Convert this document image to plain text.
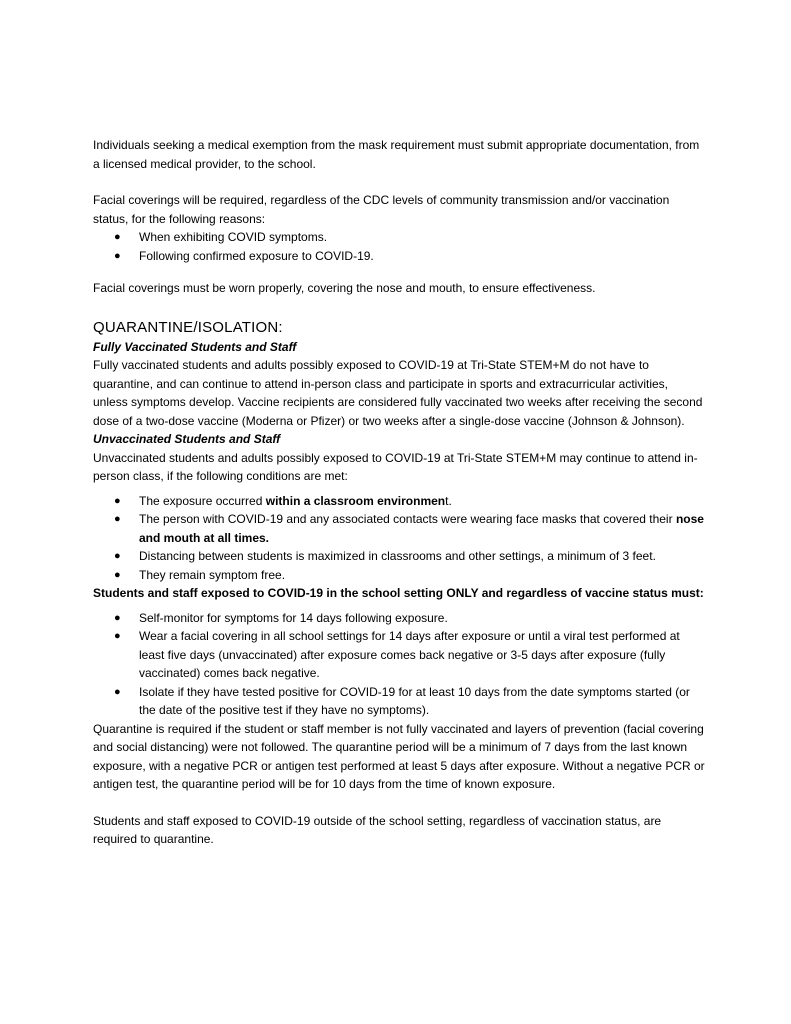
Individuals seeking a medical exemption from the mask requirement must submit appropriate documentation, from a licensed medical provider, to the school.

Facial coverings will be required, regardless of the CDC levels of community transmission and/or vaccination status, for the following reasons:

● When exhibiting COVID symptoms.
● Following confirmed exposure to COVID-19.

Facial coverings must be worn properly, covering the nose and mouth, to ensure effectiveness.

QUARANTINE/ISOLATION:

Fully Vaccinated Students and Staff

Fully vaccinated students and adults possibly exposed to COVID-19 at Tri-State STEM+M do not have to quarantine, and can continue to attend in-person class and participate in sports and extracurricular activities, unless symptoms develop. Vaccine recipients are considered fully vaccinated two weeks after receiving the second dose of a two-dose vaccine (Moderna or Pfizer) or two weeks after a single-dose vaccine (Johnson & Johnson).

Unvaccinated Students and Staff

Unvaccinated students and adults possibly exposed to COVID-19 at Tri-State STEM+M may continue to attend in-person class, if the following conditions are met:

● The exposure occurred within a classroom environment.
● The person with COVID-19 and any associated contacts were wearing face masks that covered their nose and mouth at all times.
● Distancing between students is maximized in classrooms and other settings, a minimum of 3 feet.
● They remain symptom free.

Students and staff exposed to COVID-19 in the school setting ONLY and regardless of vaccine status must:

● Self-monitor for symptoms for 14 days following exposure.
● Wear a facial covering in all school settings for 14 days after exposure or until a viral test performed at least five days (unvaccinated) after exposure comes back negative or 3-5 days after exposure (fully vaccinated) comes back negative.
● Isolate if they have tested positive for COVID-19 for at least 10 days from the date symptoms started (or the date of the positive test if they have no symptoms).

Quarantine is required if the student or staff member is not fully vaccinated and layers of prevention (facial covering and social distancing) were not followed. The quarantine period will be a minimum of 7 days from the last known exposure, with a negative PCR or antigen test performed at least 5 days after exposure. Without a negative PCR or antigen test, the quarantine period will be for 10 days from the time of known exposure.

Students and staff exposed to COVID-19 outside of the school setting, regardless of vaccination status, are required to quarantine.
